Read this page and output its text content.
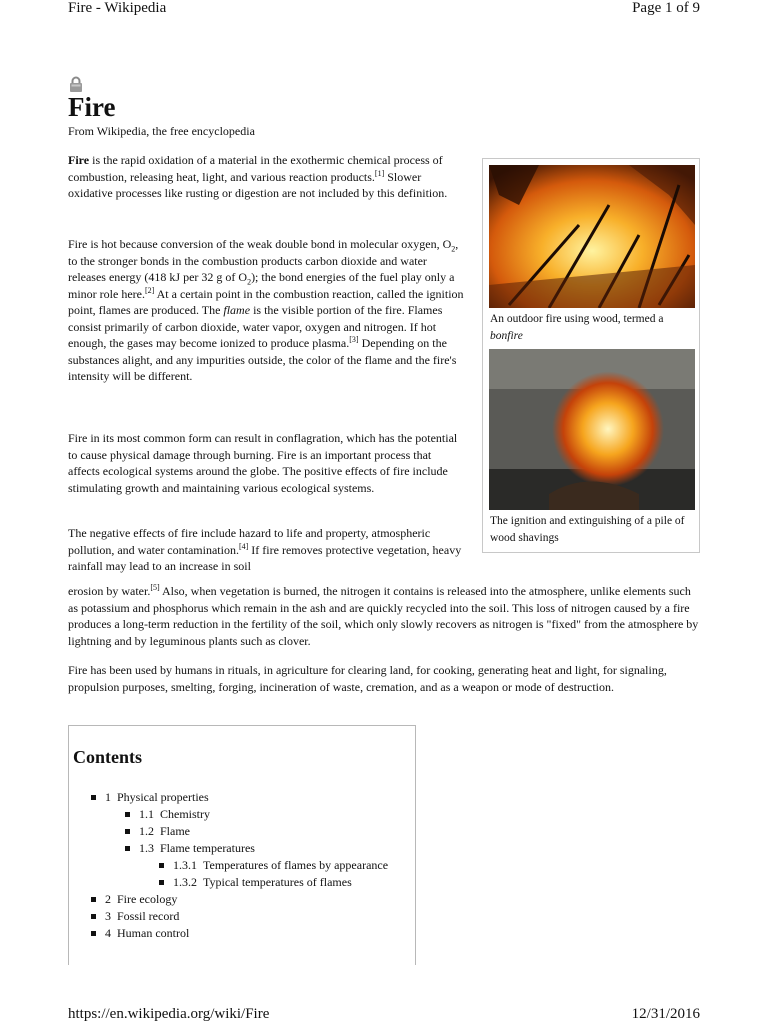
Fire - Wikipedia	Page 1 of 9
Fire
From Wikipedia, the free encyclopedia

Fire is the rapid oxidation of a material in the exothermic chemical process of combustion, releasing heat, light, and various reaction products.[1] Slower oxidative processes like rusting or digestion are not included by this definition.

Fire is hot because conversion of the weak double bond in molecular oxygen, $O_2$, to the stronger bonds in the combustion products carbon dioxide and water releases energy (418 kJ per 32 g of $O_2$); the bond energies of the fuel play only a minor role here.[2] At a certain point in the combustion reaction, called the ignition point, flames are produced. The flame is the visible portion of the fire. Flames consist primarily of carbon dioxide, water vapor, oxygen and nitrogen. If hot enough, the gases may become ionized to produce plasma.[3] Depending on the substances alight, and any impurities outside, the color of the flame and the fire's intensity will be different.

Fire in its most common form can result in conflagration, which has the potential to cause physical damage through burning. Fire is an important process that affects ecological systems around the globe. The positive effects of fire include stimulating growth and maintaining various ecological systems.

The negative effects of fire include hazard to life and property, atmospheric pollution, and water contamination.[4] If fire removes protective vegetation, heavy rainfall may lead to an increase in soil

erosion by water.[5] Also, when vegetation is burned, the nitrogen it contains is released into the atmosphere, unlike elements such as potassium and phosphorus which remain in the ash and are quickly recycled into the soil. This loss of nitrogen caused by a fire produces a long-term reduction in the fertility of the soil, which only slowly recovers as nitrogen is "fixed" from the atmosphere by lightning and by leguminous plants such as clover.

Fire has been used by humans in rituals, in agriculture for clearing land, for cooking, generating heat and light, for signaling, propulsion purposes, smelting, forging, incineration of waste, cremation, and as a weapon or mode of destruction.

An outdoor fire using wood, termed a bonfire
The ignition and extinguishing of a pile of wood shavings
Contents
1 Physical properties
1.1 Chemistry
1.2 Flame
1.3 Flame temperatures
1.3.1 Temperatures of flames by appearance
1.3.2 Typical temperatures of flames
2 Fire ecology
3 Fossil record
4 Human control
https://en.wikipedia.org/wiki/Fire	12/31/2016
